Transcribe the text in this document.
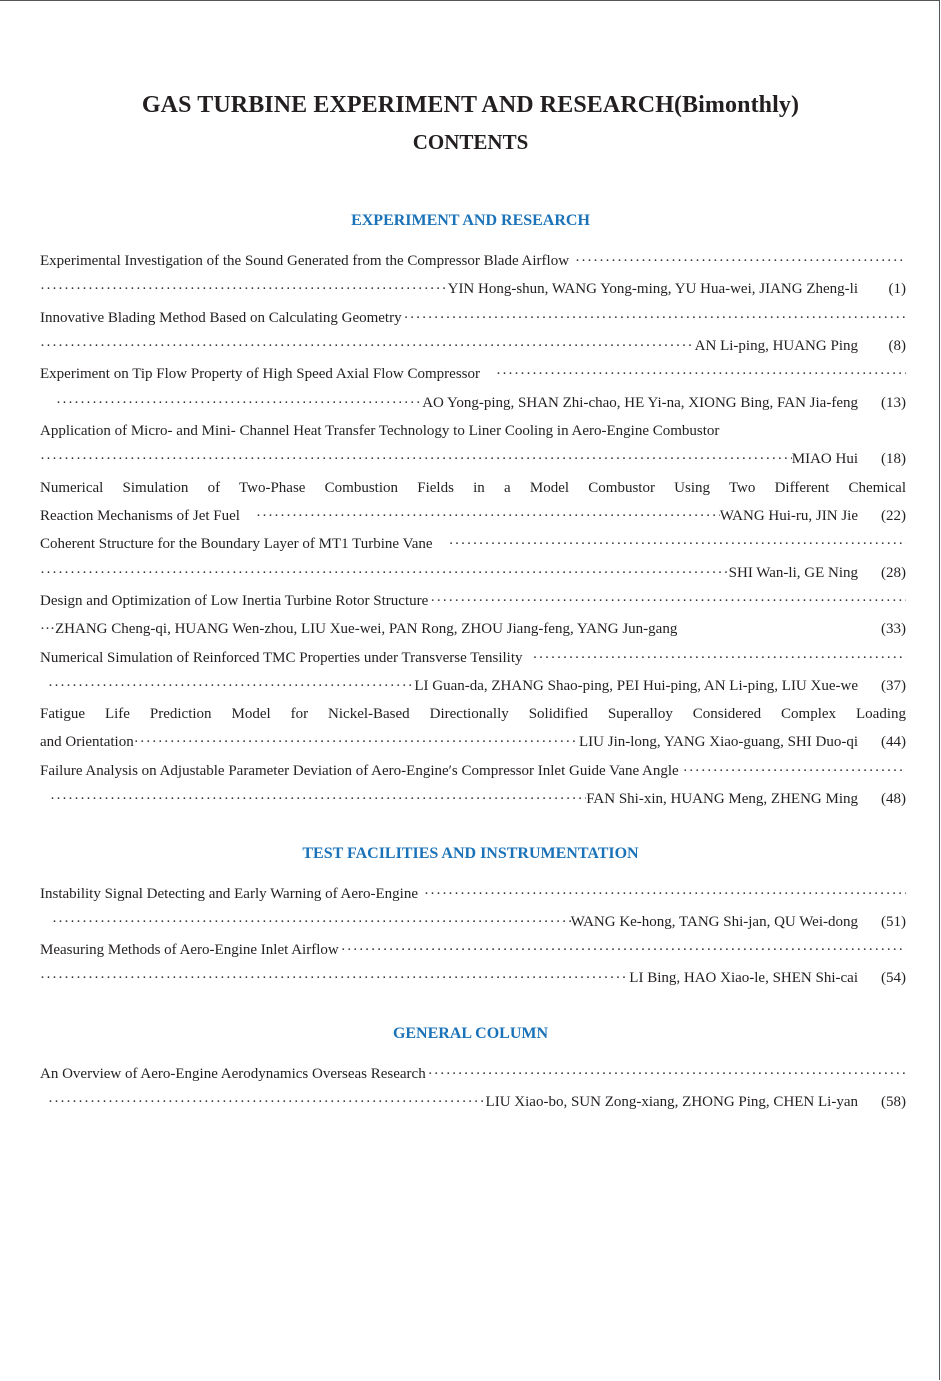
GAS TURBINE EXPERIMENT AND RESEARCH(Bimonthly)
CONTENTS
EXPERIMENT AND RESEARCH
Experimental Investigation of the Sound Generated from the Compressor Blade Airflow
·····
·····
YIN Hong-shun, WANG Yong-ming, YU Hua-wei, JIANG Zheng-li	(1)
Innovative Blading Method Based on Calculating Geometry
·····
·····
AN Li-ping, HUANG Ping	(8)
Experiment on Tip Flow Property of High Speed Axial Flow Compressor
·····
·····
AO Yong-ping, SHAN Zhi-chao, HE Yi-na, XIONG Bing, FAN Jia-feng	(13)
Application of Micro- and Mini- Channel Heat Transfer Technology to Liner Cooling in Aero-Engine Combustor
·····
MIAO Hui	(18)
Numerical Simulation of Two-Phase Combustion Fields in a Model Combustor Using Two Different Chemical
Reaction Mechanisms of Jet Fuel ·····	WANG Hui-ru, JIN Jie	(22)
Coherent Structure for the Boundary Layer of MT1 Turbine Vane
·····
·····
SHI Wan-li, GE Ning	(28)
Design and Optimization of Low Inertia Turbine Rotor Structure
·····
··· ZHANG Cheng-qi, HUANG Wen-zhou, LIU Xue-wei, PAN Rong, ZHOU Jiang-feng, YANG Jun-gang	(33)
Numerical Simulation of Reinforced TMC Properties under Transverse Tensility
·····
·····
LI Guan-da, ZHANG Shao-ping, PEI Hui-ping, AN Li-ping, LIU Xue-we	(37)
Fatigue Life Prediction Model for Nickel-Based Directionally Solidified Superalloy Considered Complex Loading
and Orientation ·····	LIU Jin-long, YANG Xiao-guang, SHI Duo-qi	(44)
Failure Analysis on Adjustable Parameter Deviation of Aero-Engine′s Compressor Inlet Guide Vane Angle
·····
·····
FAN Shi-xin, HUANG Meng, ZHENG Ming	(48)
TEST FACILITIES AND INSTRUMENTATION
Instability Signal Detecting and Early Warning of Aero-Engine
·····
·····
WANG Ke-hong, TANG Shi-jan, QU Wei-dong	(51)
Measuring Methods of Aero-Engine Inlet Airflow
·····
·····
LI Bing, HAO Xiao-le, SHEN Shi-cai	(54)
GENERAL COLUMN
An Overview of Aero-Engine Aerodynamics Overseas Research
·····
·····
LIU Xiao-bo, SUN Zong-xiang, ZHONG Ping, CHEN Li-yan	(58)
